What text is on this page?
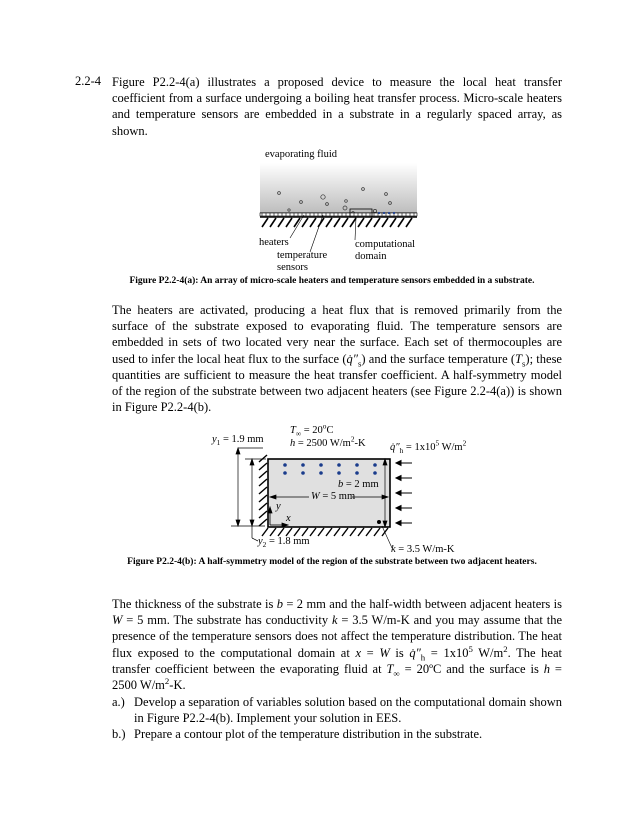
2.2-4 Figure P2.2-4(a) illustrates a proposed device to measure the local heat transfer coefficient from a surface undergoing a boiling heat transfer process. Micro-scale heaters and temperature sensors are embedded in a substrate in a regularly spaced array, as shown.

evaporating fluid
heaters
temperature
sensors
computational
domain
Figure P2.2-4(a): An array of micro-scale heaters and temperature sensors embedded in a substrate.

The heaters are activated, producing a heat flux that is removed primarily from the surface of the substrate exposed to evaporating fluid. The temperature sensors are embedded in sets of two located very near the surface. Each set of thermocouples are used to infer the local heat flux to the surface $(q̇''_s)$ and the surface temperature $(T_s)$; these quantities are sufficient to measure the heat transfer coefficient. A half-symmetry model of the region of the substrate between two adjacent heaters (see Figure 2.2-4(a)) is shown in Figure P2.2-4(b).

$T_\infty = 20^oC$
h = 2500 $W/m^2-K$
$y_1 = 1.9$ mm
$q̇''_h = 1x10^5$ $W/m^2$
b = 2 mm
W = 5 mm
y
x
$y_2 = 1.8$ mm
k = 3.5 W/m-K
Figure P2.2-4(b): A half-symmetry model of the region of the substrate between two adjacent heaters.

The thickness of the substrate is b = 2 mm and the half-width between adjacent heaters is W = 5 mm. The substrate has conductivity k = 3.5 W/m-K and you may assume that the presence of the temperature sensors does not affect the temperature distribution. The heat flux exposed to the computational domain at x = W is $q̇''_h = 1x10^5$ $W/m^2$. The heat transfer coefficient between the evaporating fluid at $T_\infty$ = 20ºC and the surface is h = 2500 $W/m^2-K$.

a.) Develop a separation of variables solution based on the computational domain shown in Figure P2.2-4(b). Implement your solution in EES.
b.) Prepare a contour plot of the temperature distribution in the substrate.
